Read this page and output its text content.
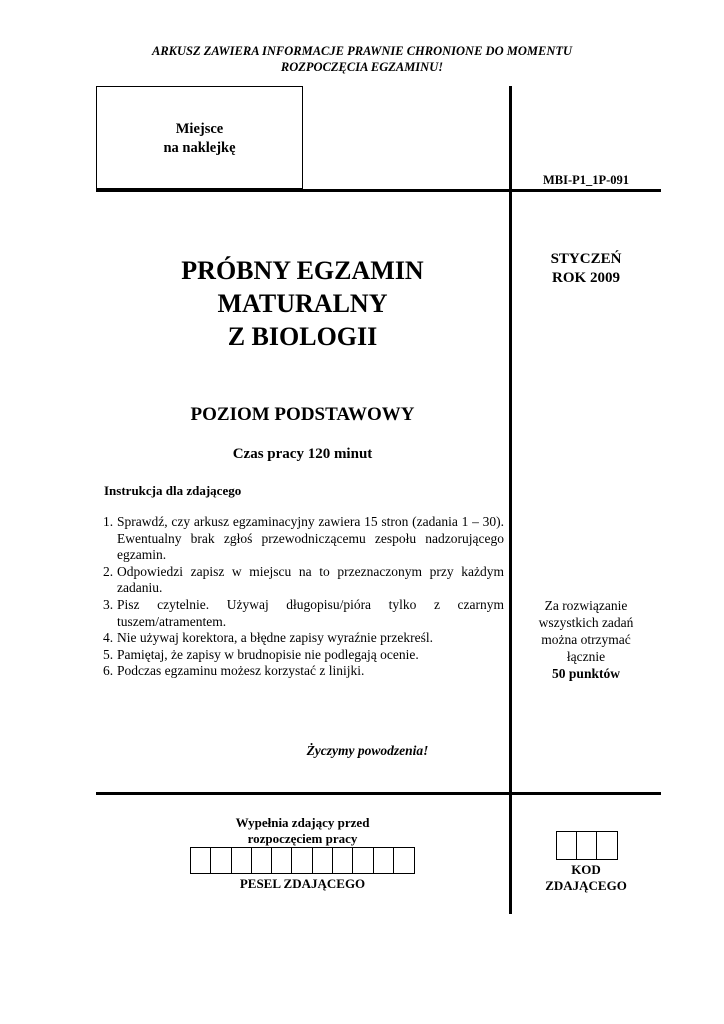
ARKUSZ ZAWIERA INFORMACJE PRAWNIE CHRONIONE DO MOMENTU
ROZPOCZĘCIA EGZAMINU!
Miejsce
na naklejkę
MBI-P1_1P-091
STYCZEŃ
ROK 2009
PRÓBNY EGZAMIN
MATURALNY
Z BIOLOGII
POZIOM PODSTAWOWY
Czas pracy 120 minut
Instrukcja dla zdającego
1. Sprawdź, czy arkusz egzaminacyjny zawiera 15 stron (zadania 1 – 30). Ewentualny brak zgłoś przewodniczącemu zespołu nadzorującego egzamin.
2. Odpowiedzi zapisz w miejscu na to przeznaczonym przy każdym zadaniu.
3. Pisz czytelnie. Używaj długopisu/pióra tylko z czarnym tuszem/atramentem.
4. Nie używaj korektora, a błędne zapisy wyraźnie przekreśl.
5. Pamiętaj, że zapisy w brudnopisie nie podlegają ocenie.
6. Podczas egzaminu możesz korzystać z linijki.
Życzymy powodzenia!
Za rozwiązanie
wszystkich zadań
można otrzymać
łącznie
50 punktów
Wypełnia zdający przed
rozpoczęciem pracy
PESEL ZDAJĄCEGO
KOD
ZDAJĄCEGO
